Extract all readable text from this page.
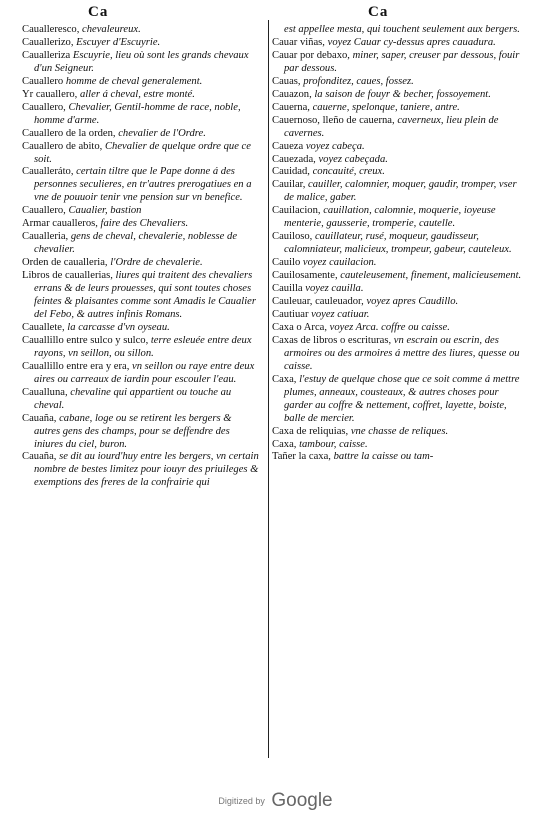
Ca	Ca

Caualleresco, chevaleureux.

Cauallerizo, Escuyer d'Escuyrie.

Caualleriza Escuyrie, lieu où sont les grands chevaux d'un Seigneur.

Cauallero homme de cheval generalement.

Yr cauallero, aller á cheval, estre monté.

Cauallero, Chevalier, Gentil-homme de race, noble, homme d'arme.

Cauallero de la orden, chevalier de l'Ordre.

Cauallero de abito, Chevalier de quelque ordre que ce soit.

Caualleráto, certain tiltre que le Pape donne á des personnes seculieres, en tr'autres prerogatiues en a vne de pouuoir tenir vne pension sur vn benefice.

Cauallero, Caualier, bastion

Armar caualleros, faire des Chevaliers.

Caualleria, gens de cheval, chevalerie, noblesse de chevalier.

Orden de caualleria, l'Ordre de chevalerie.

Libros de cauallerias, liures qui traitent des chevaliers errans & de leurs prouesses, qui sont toutes choses feintes & plaisantes comme sont Amadis le Caualier del Febo, & autres infinis Romans.

Cauallete, la carcasse d'vn oyseau.

Cauallillo entre sulco y sulco, terre esleuée entre deux rayons, vn seillon, ou sillon.

Cauallillo entre era y era, vn seillon ou raye entre deux aires ou carreaux de iardin pour escouler l'eau.

Caualluna, chevaline qui appartient ou touche au cheval.

Cauaña, cabane, loge ou se retirent les bergers & autres gens des champs, pour se deffendre des iniures du ciel, buron.

Cauaña, se dit au iourd'huy entre les bergers, vn certain nombre de bestes limitez pour iouyr des priuileges & exemptions des freres de la confrairie qui

est appellee mesta, qui touchent seulement aux bergers.

Cauar viñas, voyez Cauar cy-dessus apres cauadura.

Cauar por debaxo, miner, saper, creuser par dessous, fouir par dessous.

Cauas, profonditez, caues, fossez.

Cauazon, la saison de fouyr & becher, fossoyement.

Cauerna, cauerne, spelonque, taniere, antre.

Cauernoso, lleño de cauerna, caverneux, lieu plein de cavernes.

Caueza voyez cabeça.

Cauezada, voyez cabeçada.

Cauidad, concauité, creux.

Cauilar, cauiller, calomnier, moquer, gaudir, tromper, vser de malice, gaber.

Cauilacion, cauillation, calomnie, moquerie, ioyeuse menterie, gausserie, tromperie, cautelle.

Cauiloso, cauillateur, rusé, moqueur, gaudisseur, calomniateur, malicieux, trompeur, gabeur, cauteleux.

Cauilo voyez cauilacion.

Cauilosamente, cauteleusement, finement, malicieusement.

Cauilla voyez cauilla.

Cauleuar, cauleuador, voyez apres Caudillo.

Cautiuar voyez catiuar.

Caxa o Arca, voyez Arca. coffre ou caisse.

Caxas de libros o escrituras, vn escrain ou escrin, des armoires ou des armoires á mettre des liures, quesse ou caisse.

Caxa, l'estuy de quelque chose que ce soit comme á mettre plumes, anneaux, cousteaux, & autres choses pour garder au coffre & nettement, coffret, layette, boiste, balle de mercier.

Caxa de reliquias, vne chasse de reliques.

Caxa, tambour, caisse.

Tañer la caxa, battre la caisse ou tam-

Digitized by Google
